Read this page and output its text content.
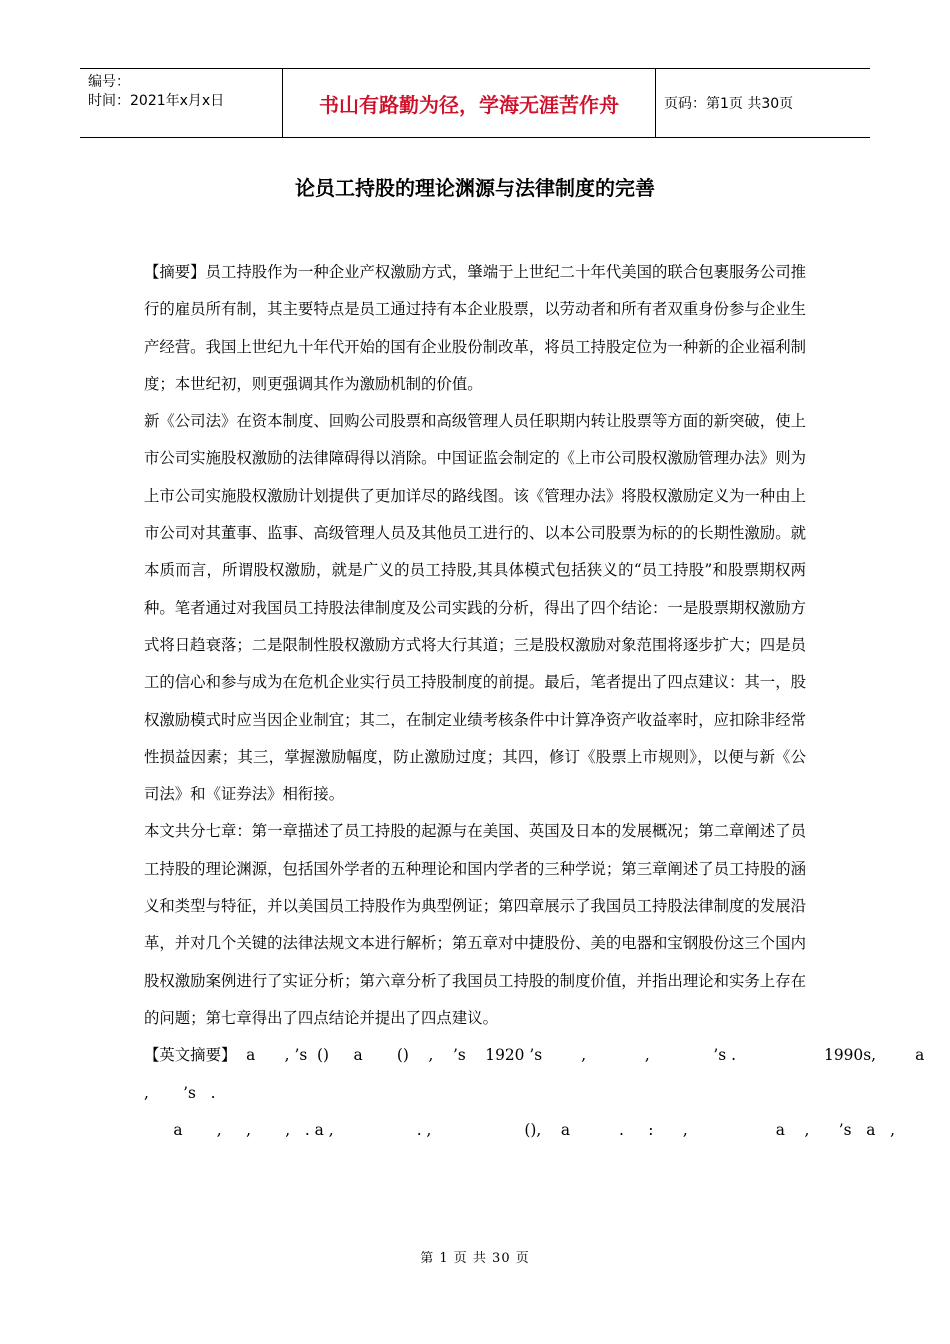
编号：
时间：2021年x月x日	书山有路勤为径，学海无涯苦作舟	页码：第1页 共30页
论员工持股的理论渊源与法律制度的完善

【摘要】员工持股作为一种企业产权激励方式，肇端于上世纪二十年代美国的联合包裹服务公司推行的雇员所有制，其主要特点是员工通过持有本企业股票，以劳动者和所有者双重身份参与企业生产经营。我国上世纪九十年代开始的国有企业股份制改革，将员工持股定位为一种新的企业福利制度；本世纪初，则更强调其作为激励机制的价值。

新《公司法》在资本制度、回购公司股票和高级管理人员任职期内转让股票等方面的新突破，使上市公司实施股权激励的法律障碍得以消除。中国证监会制定的《上市公司股权激励管理办法》则为上市公司实施股权激励计划提供了更加详尽的路线图。该《管理办法》将股权激励定义为一种由上市公司对其董事、监事、高级管理人员及其他员工进行的、以本公司股票为标的的长期性激励。就本质而言，所谓股权激励，就是广义的员工持股,其具体模式包括狭义的“员工持股”和股票期权两种。笔者通过对我国员工持股法律制度及公司实践的分析，得出了四个结论：一是股票期权激励方式将日趋衰落；二是限制性股权激励方式将大行其道；三是股权激励对象范围将逐步扩大；四是员工的信心和参与成为在危机企业实行员工持股制度的前提。最后，笔者提出了四点建议：其一，股权激励模式时应当因企业制宜；其二，在制定业绩考核条件中计算净资产收益率时，应扣除非经常性损益因素；其三，掌握激励幅度，防止激励过度；其四，修订《股票上市规则》，以便与新《公司法》和《证券法》相衔接。

本文共分七章：第一章描述了员工持股的起源与在美国、英国及日本的发展概况；第二章阐述了员工持股的理论渊源，包括国外学者的五种理论和国内学者的三种学说；第三章阐述了员工持股的涵义和类型与特征，并以美国员工持股作为典型例证；第四章展示了我国员工持股法律制度的发展沿革，并对几个关键的法律法规文本进行解析；第五章对中捷股份、美的电器和宝钢股份这三个国内股权激励案例进行了实证分析；第六章分析了我国员工持股的制度价值，并指出理论和实务上存在的问题；第七章得出了四点结论并提出了四点建议。

【英文摘要】  a      , ’s  ()     a       ()    ,    ’s    1920 ’s        ,            ,             ’s .                  1990s,        a

,       ’s   .

a       ,     ,       ,   . a ,                 . ,                   (),    a          .     :      ,                  a    ,      ’s   a   ,

第 1 页 共 30 页
